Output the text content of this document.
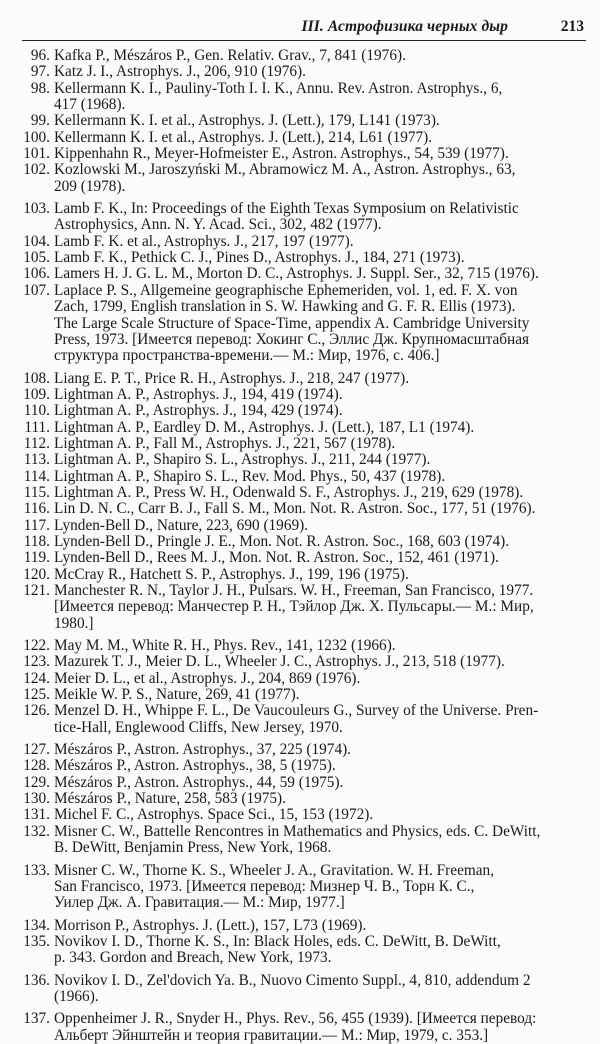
III. Астрофизика черных дыр	213
96. Kafka P., Mészáros P., Gen. Relativ. Grav., 7, 841 (1976).
97. Katz J. I., Astrophys. J., 206, 910 (1976).
98. Kellermann K. I., Pauliny-Toth I. I. K., Annu. Rev. Astron. Astrophys., 6,
417 (1968).
99. Kellermann K. I. et al., Astrophys. J. (Lett.), 179, L141 (1973).
100. Kellermann K. I. et al., Astrophys. J. (Lett.), 214, L61 (1977).
101. Kippenhahn R., Meyer-Hofmeister E., Astron. Astrophys., 54, 539 (1977).
102. Kozlowski M., Jaroszyński M., Abramowicz M. A., Astron. Astrophys., 63,
209 (1978).
103. Lamb F. K., In: Proceedings of the Eighth Texas Symposium on Relativistic
Astrophysics, Ann. N. Y. Acad. Sci., 302, 482 (1977).
104. Lamb F. K. et al., Astrophys. J., 217, 197 (1977).
105. Lamb F. K., Pethick C. J., Pines D., Astrophys. J., 184, 271 (1973).
106. Lamers H. J. G. L. M., Morton D. C., Astrophys. J. Suppl. Ser., 32, 715 (1976).
107. Laplace P. S., Allgemeine geographische Ephemeriden, vol. 1, ed. F. X. von
Zach, 1799, English translation in S. W. Hawking and G. F. R. Ellis (1973).
The Large Scale Structure of Space-Time, appendix A. Cambridge University
Press, 1973. [Имеется перевод: Хокинг С., Эллис Дж. Крупномасштабная
структура пространства-времени.— М.: Мир, 1976, с. 406.]
108. Liang E. P. T., Price R. H., Astrophys. J., 218, 247 (1977).
109. Lightman A. P., Astrophys. J., 194, 419 (1974).
110. Lightman A. P., Astrophys. J., 194, 429 (1974).
111. Lightman A. P., Eardley D. M., Astrophys. J. (Lett.), 187, L1 (1974).
112. Lightman A. P., Fall M., Astrophys. J., 221, 567 (1978).
113. Lightman A. P., Shapiro S. L., Astrophys. J., 211, 244 (1977).
114. Lightman A. P., Shapiro S. L., Rev. Mod. Phys., 50, 437 (1978).
115. Lightman A. P., Press W. H., Odenwald S. F., Astrophys. J., 219, 629 (1978).
116. Lin D. N. C., Carr B. J., Fall S. M., Mon. Not. R. Astron. Soc., 177, 51 (1976).
117. Lynden-Bell D., Nature, 223, 690 (1969).
118. Lynden-Bell D., Pringle J. E., Mon. Not. R. Astron. Soc., 168, 603 (1974).
119. Lynden-Bell D., Rees M. J., Mon. Not. R. Astron. Soc., 152, 461 (1971).
120. McCray R., Hatchett S. P., Astrophys. J., 199, 196 (1975).
121. Manchester R. N., Taylor J. H., Pulsars. W. H., Freeman, San Francisco, 1977.
[Имеется перевод: Манчестер Р. Н., Тэйлор Дж. Х. Пульсары.— М.: Мир,
1980.]
122. May M. M., White R. H., Phys. Rev., 141, 1232 (1966).
123. Mazurek T. J., Meier D. L., Wheeler J. C., Astrophys. J., 213, 518 (1977).
124. Meier D. L., et al., Astrophys. J., 204, 869 (1976).
125. Meikle W. P. S., Nature, 269, 41 (1977).
126. Menzel D. H., Whippe F. L., De Vaucouleurs G., Survey of the Universe. Pren-
tice-Hall, Englewood Cliffs, New Jersey, 1970.
127. Mészáros P., Astron. Astrophys., 37, 225 (1974).
128. Mészáros P., Astron. Astrophys., 38, 5 (1975).
129. Mészáros P., Astron. Astrophys., 44, 59 (1975).
130. Mészáros P., Nature, 258, 583 (1975).
131. Michel F. C., Astrophys. Space Sci., 15, 153 (1972).
132. Misner C. W., Battelle Rencontres in Mathematics and Physics, eds. C. DeWitt,
B. DeWitt, Benjamin Press, New York, 1968.
133. Misner C. W., Thorne K. S., Wheeler J. A., Gravitation. W. H. Freeman,
San Francisco, 1973. [Имеется перевод: Мизнер Ч. В., Торн К. С.,
Уилер Дж. А. Гравитация.— М.: Мир, 1977.]
134. Morrison P., Astrophys. J. (Lett.), 157, L73 (1969).
135. Novikov I. D., Thorne K. S., In: Black Holes, eds. C. DeWitt, B. DeWitt,
p. 343. Gordon and Breach, New York, 1973.
136. Novikov I. D., Zel'dovich Ya. B., Nuovo Cimento Suppl., 4, 810, addendum 2
(1966).
137. Oppenheimer J. R., Snyder H., Phys. Rev., 56, 455 (1939). [Имеется перевод:
Альберт Эйнштейн и теория гравитации.— М.: Мир, 1979, с. 353.]
